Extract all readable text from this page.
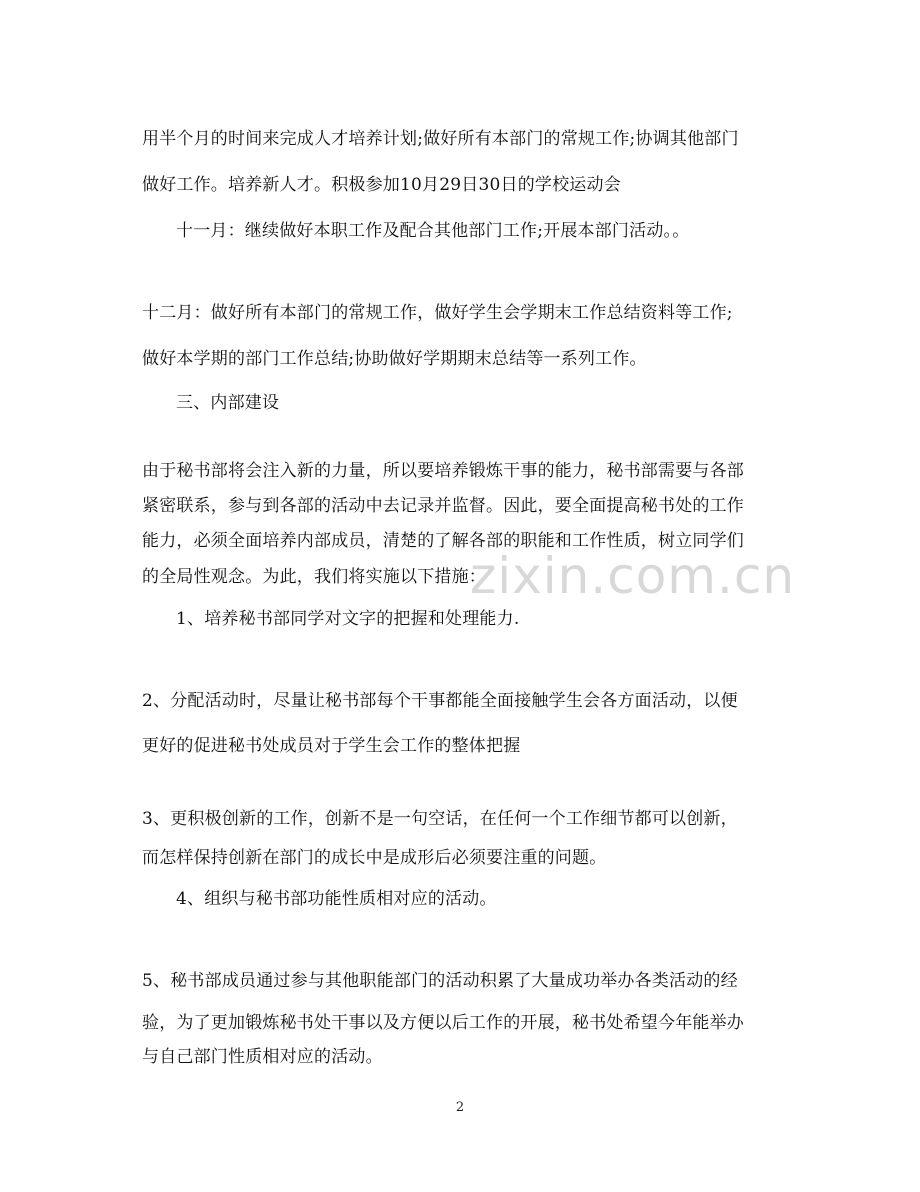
用半个月的时间来完成人才培养计划;做好所有本部门的常规工作;协调其他部门
做好工作。培养新人才。积极参加10月29日30日的学校运动会
十一月：继续做好本职工作及配合其他部门工作;开展本部门活动。。
十二月：做好所有本部门的常规工作，做好学生会学期末工作总结资料等工作;
做好本学期的部门工作总结;协助做好学期期末总结等一系列工作。
三、内部建设
由于秘书部将会注入新的力量，所以要培养锻炼干事的能力，秘书部需要与各部
紧密联系，参与到各部的活动中去记录并监督。因此，要全面提高秘书处的工作
能力，必须全面培养内部成员，清楚的了解各部的职能和工作性质，树立同学们
的全局性观念。为此，我们将实施以下措施：
1、培养秘书部同学对文字的把握和处理能力.
2、分配活动时，尽量让秘书部每个干事都能全面接触学生会各方面活动，以便
更好的促进秘书处成员对于学生会工作的整体把握
3、更积极创新的工作，创新不是一句空话，在任何一个工作细节都可以创新，
而怎样保持创新在部门的成长中是成形后必须要注重的问题。
4、组织与秘书部功能性质相对应的活动。
5、秘书部成员通过参与其他职能部门的活动积累了大量成功举办各类活动的经
验，为了更加锻炼秘书处干事以及方便以后工作的开展，秘书处希望今年能举办
与自己部门性质相对应的活动。
zixin.com.cn
2
